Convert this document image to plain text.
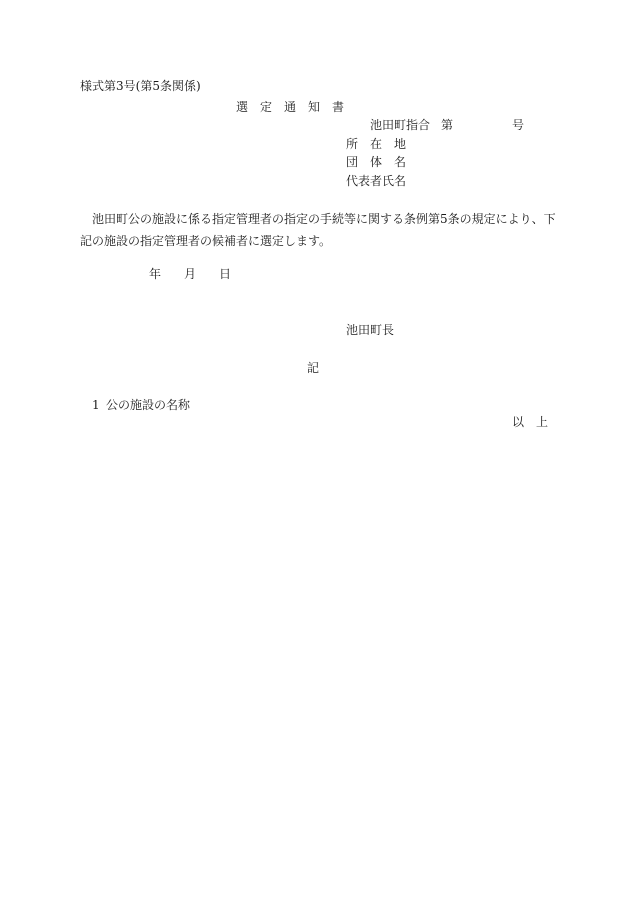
様式第3号(第5条関係)
選　定　通　知　書
池田町指合 第	号
所　在　地
団　体　名
代表者氏名
池田町公の施設に係る指定管理者の指定の手続等に関する条例第5条の規定により、下
記の施設の指定管理者の候補者に選定します。
年 月 日
池田町長
記
1 公の施設の名称
以　上
